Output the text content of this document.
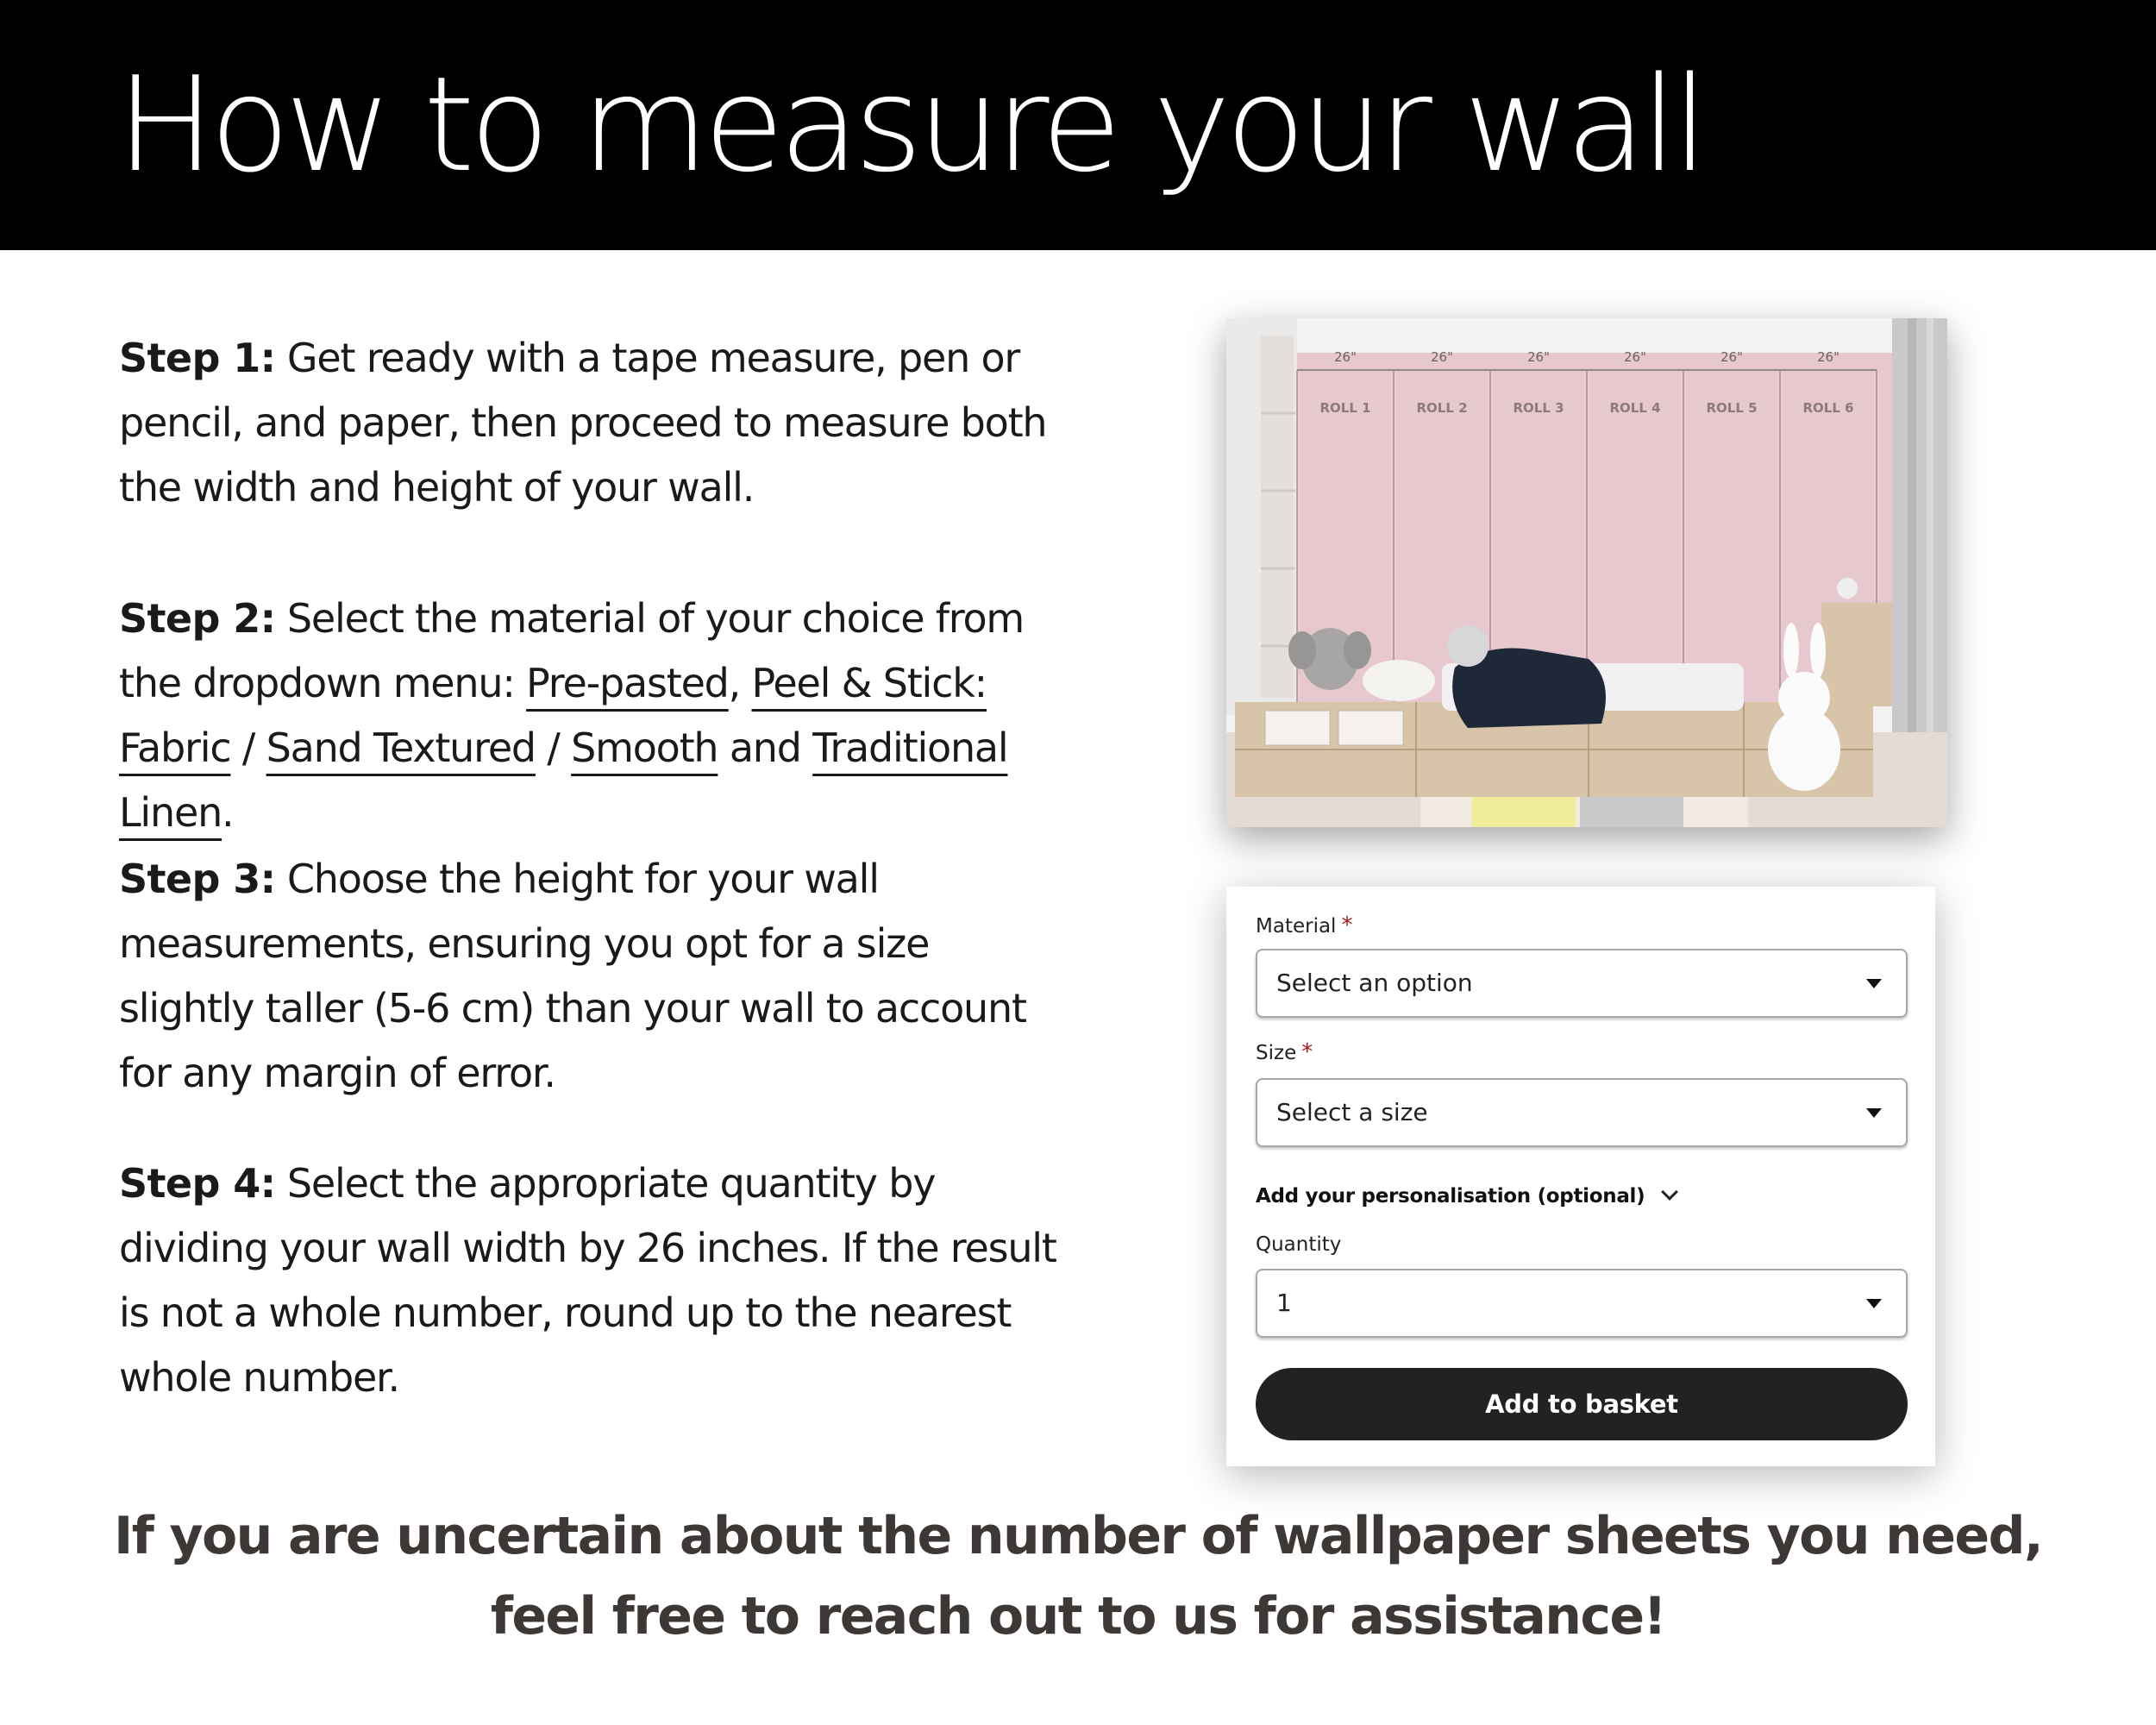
How to measure your wall

Step 1: Get ready with a tape measure, pen or pencil, and paper, then proceed to measure both the width and height of your wall.

Step 2: Select the material of your choice from the dropdown menu: Pre-pasted, Peel & Stick: Fabric / Sand Textured / Smooth and Traditional Linen.

Step 3: Choose the height for your wall measurements, ensuring you opt for a size slightly taller (5-6 cm) than your wall to account for any margin of error.

Step 4: Select the appropriate quantity by dividing your wall width by 26 inches. If the result is not a whole number, round up to the nearest whole number.

26"	26"	26"	26"	26"	26"
ROLL 1	ROLL 2	ROLL 3	ROLL 4	ROLL 5	ROLL 6
Material *
Select an option
Size *
Select a size
Add your personalisation (optional)
Quantity
1
Add to basket
If you are uncertain about the number of wallpaper sheets you need,
feel free to reach out to us for assistance!
